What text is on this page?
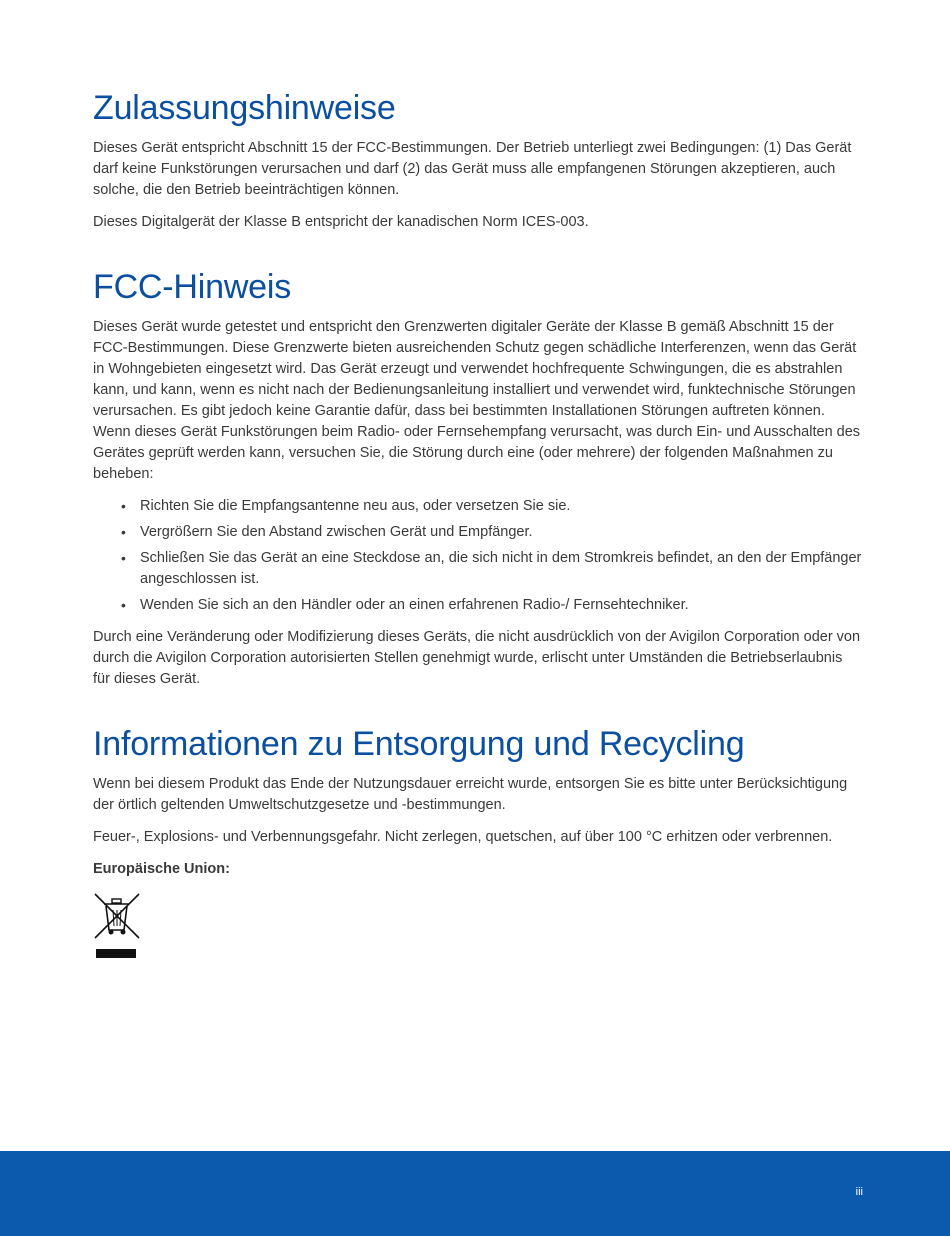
Zulassungshinweise

Dieses Gerät entspricht Abschnitt 15 der FCC-Bestimmungen. Der Betrieb unterliegt zwei Bedingungen: (1) Das Gerät darf keine Funkstörungen verursachen und darf (2) das Gerät muss alle empfangenen Störungen akzeptieren, auch solche, die den Betrieb beeinträchtigen können.

Dieses Digitalgerät der Klasse B entspricht der kanadischen Norm ICES-003.

FCC-Hinweis

Dieses Gerät wurde getestet und entspricht den Grenzwerten digitaler Geräte der Klasse B gemäß Abschnitt 15 der FCC-Bestimmungen. Diese Grenzwerte bieten ausreichenden Schutz gegen schädliche Interferenzen, wenn das Gerät in Wohngebieten eingesetzt wird. Das Gerät erzeugt und verwendet hochfrequente Schwingungen, die es abstrahlen kann, und kann, wenn es nicht nach der Bedienungsanleitung installiert und verwendet wird, funktechnische Störungen verursachen. Es gibt jedoch keine Garantie dafür, dass bei bestimmten Installationen Störungen auftreten können. Wenn dieses Gerät Funkstörungen beim Radio- oder Fernsehempfang verursacht, was durch Ein- und Ausschalten des Gerätes geprüft werden kann, versuchen Sie, die Störung durch eine (oder mehrere) der folgenden Maßnahmen zu beheben:

• Richten Sie die Empfangsantenne neu aus, oder versetzen Sie sie.
• Vergrößern Sie den Abstand zwischen Gerät und Empfänger.
• Schließen Sie das Gerät an eine Steckdose an, die sich nicht in dem Stromkreis befindet, an den der Empfänger angeschlossen ist.
• Wenden Sie sich an den Händler oder an einen erfahrenen Radio-/ Fernsehtechniker.

Durch eine Veränderung oder Modifizierung dieses Geräts, die nicht ausdrücklich von der Avigilon Corporation oder von durch die Avigilon Corporation autorisierten Stellen genehmigt wurde, erlischt unter Umständen die Betriebserlaubnis für dieses Gerät.

Informationen zu Entsorgung und Recycling

Wenn bei diesem Produkt das Ende der Nutzungsdauer erreicht wurde, entsorgen Sie es bitte unter Berücksichtigung der örtlich geltenden Umweltschutzgesetze und -bestimmungen.

Feuer-, Explosions- und Verbennungsgefahr. Nicht zerlegen, quetschen, auf über 100 °C erhitzen oder verbrennen.

Europäische Union:

iii
